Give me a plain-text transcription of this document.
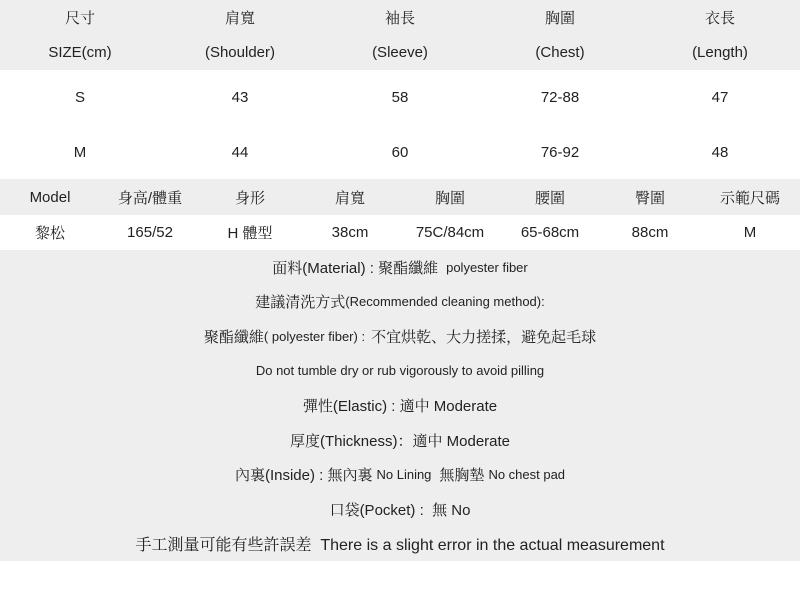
尺寸	肩寬	袖長	胸圍	衣長
SIZE(cm)	(Shoulder)	(Sleeve)	(Chest)	(Length)
S	43	58	72-88	47
M	44	60	76-92	48
Model	身高/體重	身形	肩寬	胸圍	腰圍	臀圍	示範尺碼
黎松	165/52	H 體型	38cm	75C/84cm	65-68cm	88cm	M
面料(Material) : 聚酯纖維 polyester fiber
建議清洗方式 (Recommended cleaning method):
聚酯纖維 ( polyester fiber) : 不宜烘乾、大力搓揉，避免起毛球
Do not tumble dry or rub vigorously to avoid pilling
彈性(Elastic) : 適中 Moderate
厚度(Thickness)：適中 Moderate
內裏(Inside) : 無內裏 No Lining 無胸墊 No chest pad
口袋(Pocket) :  無 No
手工測量可能有些許誤差  There is a slight error in the actual measurement
